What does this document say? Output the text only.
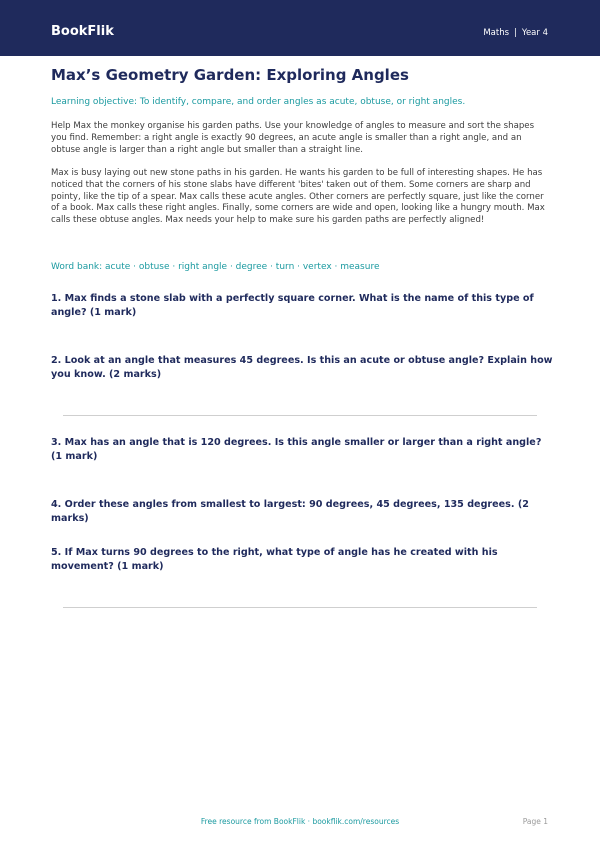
BookFlik	Maths | Year 4
Max’s Geometry Garden: Exploring Angles
Learning objective: To identify, compare, and order angles as acute, obtuse, or right angles.
Help Max the monkey organise his garden paths. Use your knowledge of angles to measure and sort the shapes you find. Remember: a right angle is exactly 90 degrees, an acute angle is smaller than a right angle, and an obtuse angle is larger than a right angle but smaller than a straight line.
Max is busy laying out new stone paths in his garden. He wants his garden to be full of interesting shapes. He has noticed that the corners of his stone slabs have different 'bites' taken out of them. Some corners are sharp and pointy, like the tip of a spear. Max calls these acute angles. Other corners are perfectly square, just like the corner of a book. Max calls these right angles. Finally, some corners are wide and open, looking like a hungry mouth. Max calls these obtuse angles. Max needs your help to make sure his garden paths are perfectly aligned!
Word bank: acute · obtuse · right angle · degree · turn · vertex · measure
1. Max finds a stone slab with a perfectly square corner. What is the name of this type of angle? (1 mark)
2. Look at an angle that measures 45 degrees. Is this an acute or obtuse angle? Explain how you know. (2 marks)
3. Max has an angle that is 120 degrees. Is this angle smaller or larger than a right angle? (1 mark)
4. Order these angles from smallest to largest: 90 degrees, 45 degrees, 135 degrees. (2 marks)
5. If Max turns 90 degrees to the right, what type of angle has he created with his movement? (1 mark)
Free resource from BookFlik · bookflik.com/resources	Page 1
